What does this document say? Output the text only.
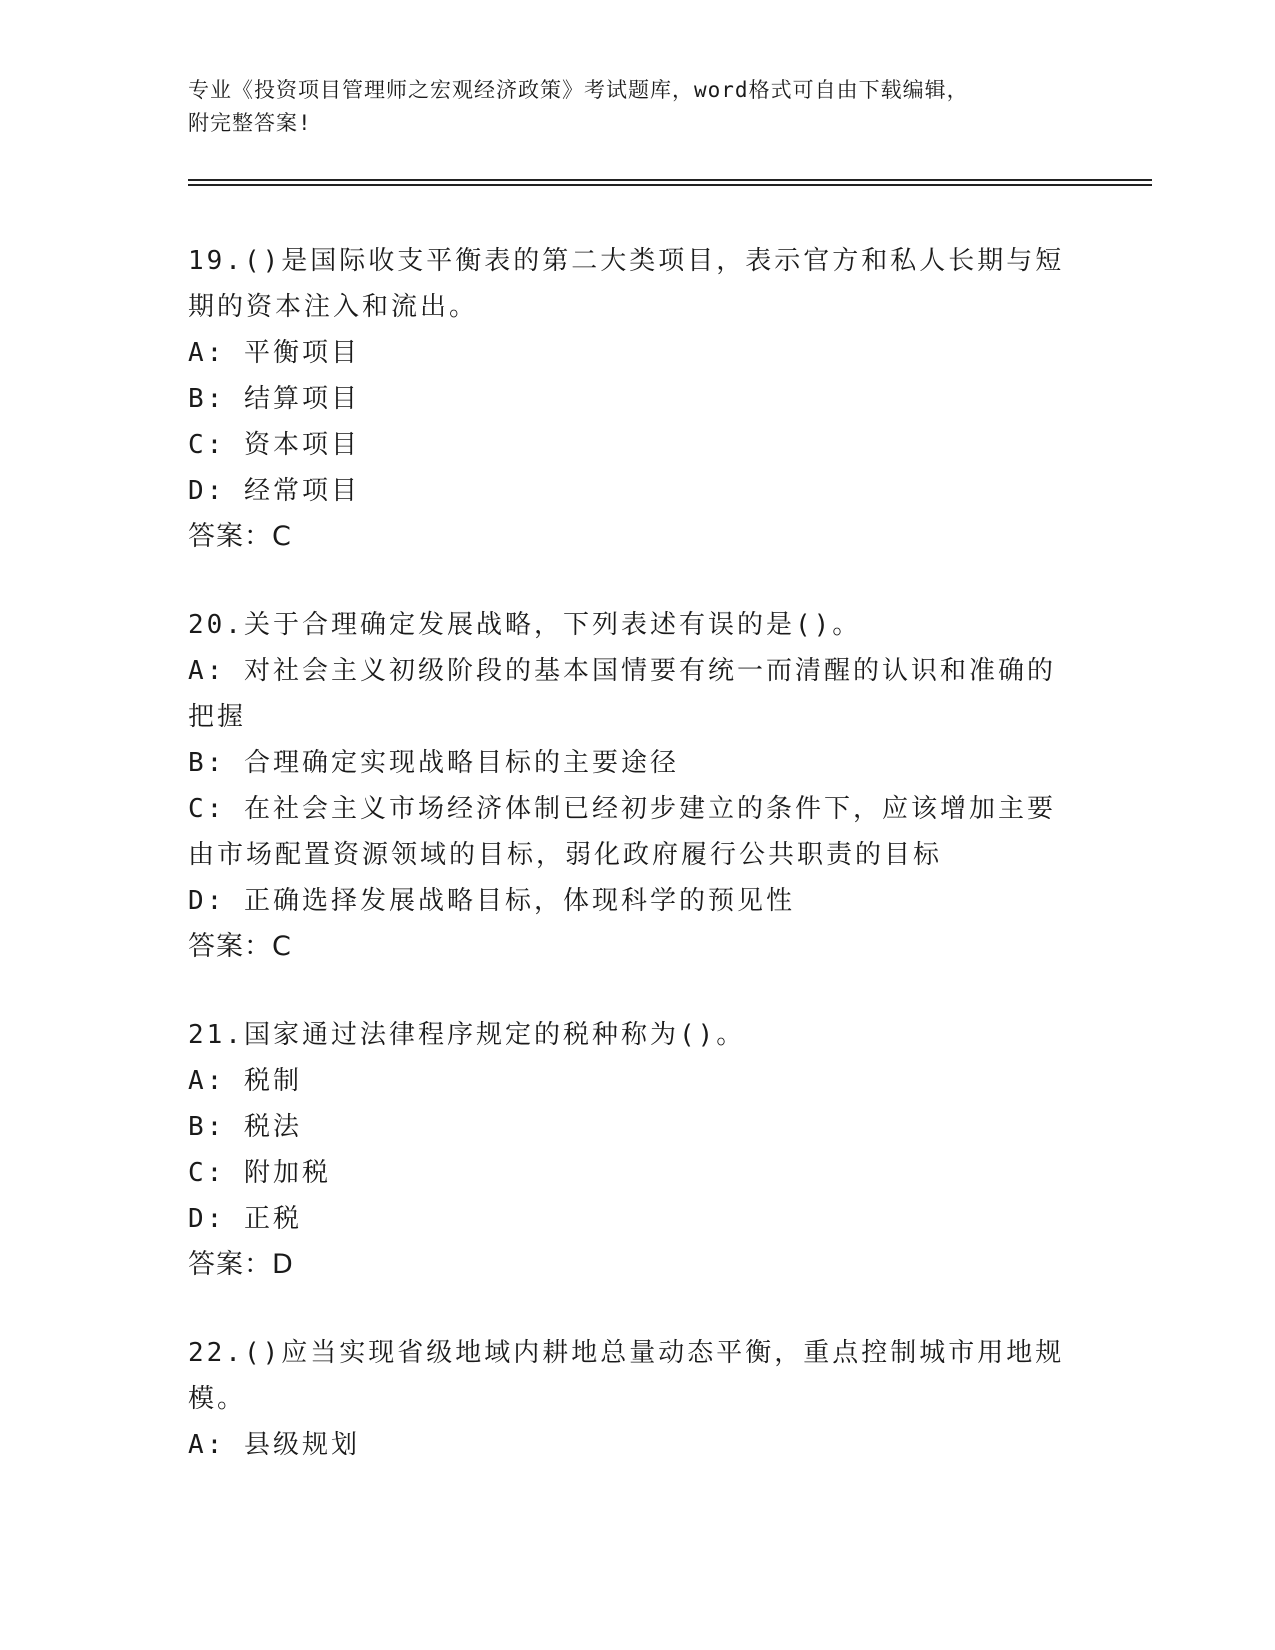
专业《投资项目管理师之宏观经济政策》考试题库，word格式可自由下载编辑，
附完整答案!

19.()是国际收支平衡表的第二大类项目，表示官方和私人长期与短期的资本注入和流出。

A: 平衡项目

B: 结算项目

C: 资本项目

D: 经常项目

答案：C

20.关于合理确定发展战略，下列表述有误的是()。

A: 对社会主义初级阶段的基本国情要有统一而清醒的认识和准确的把握

B: 合理确定实现战略目标的主要途径

C: 在社会主义市场经济体制已经初步建立的条件下，应该增加主要由市场配置资源领域的目标，弱化政府履行公共职责的目标

D: 正确选择发展战略目标，体现科学的预见性

答案：C

21.国家通过法律程序规定的税种称为()。

A: 税制

B: 税法

C: 附加税

D: 正税

答案：D

22.()应当实现省级地域内耕地总量动态平衡，重点控制城市用地规模。

A: 县级规划
